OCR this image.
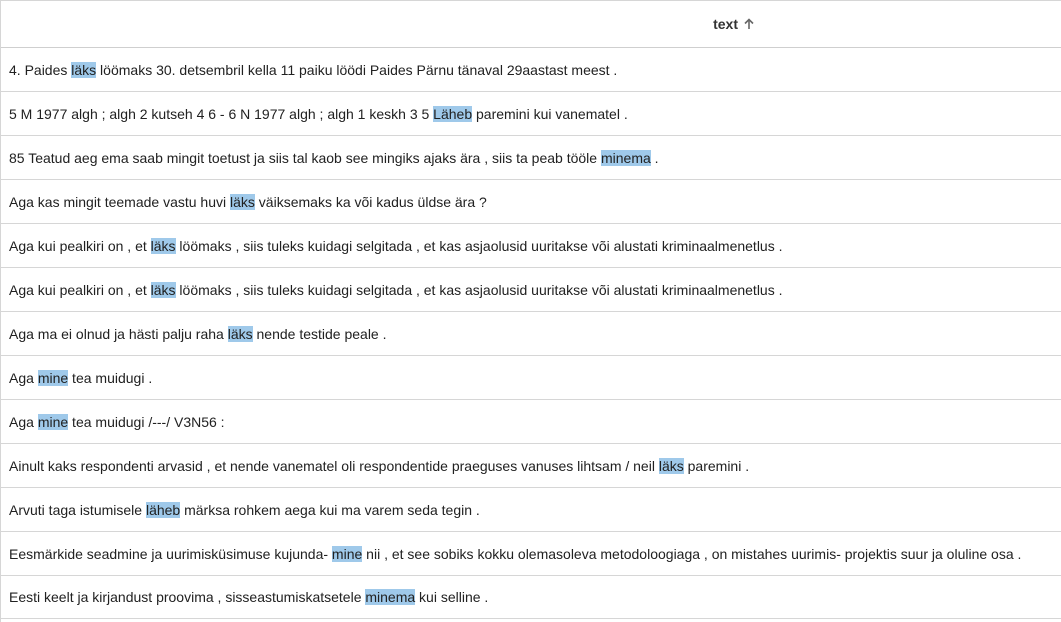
text
4. Paides läks löömaks 30. detsembril kella 11 paiku löödi Paides Pärnu tänaval 29aastast meest .
5 M 1977 algh ; algh 2 kutseh 4 6 - 6 N 1977 algh ; algh 1 keskh 3 5 Läheb paremini kui vanematel .
85 Teatud aeg ema saab mingit toetust ja siis tal kaob see mingiks ajaks ära , siis ta peab tööle minema .
Aga kas mingit teemade vastu huvi läks väiksemaks ka või kadus üldse ära ?
Aga kui pealkiri on , et läks löömaks , siis tuleks kuidagi selgitada , et kas asjaolusid uuritakse või alustati kriminaalmenetlus .
Aga kui pealkiri on , et läks löömaks , siis tuleks kuidagi selgitada , et kas asjaolusid uuritakse või alustati kriminaalmenetlus .
Aga ma ei olnud ja hästi palju raha läks nende testide peale .
Aga mine tea muidugi .
Aga mine tea muidugi /---/ V3N56 :
Ainult kaks respondenti arvasid , et nende vanematel oli respondentide praeguses vanuses lihtsam / neil läks paremini .
Arvuti taga istumisele läheb märksa rohkem aega kui ma varem seda tegin .
Eesmärkide seadmine ja uurimisküsimuse kujunda- mine nii , et see sobiks kokku olemasoleva metodoloogiaga , on mistahes uurimis- projektis suur ja oluline osa .
Eesti keelt ja kirjandust proovima , sisseastumiskatsetele minema kui selline .
